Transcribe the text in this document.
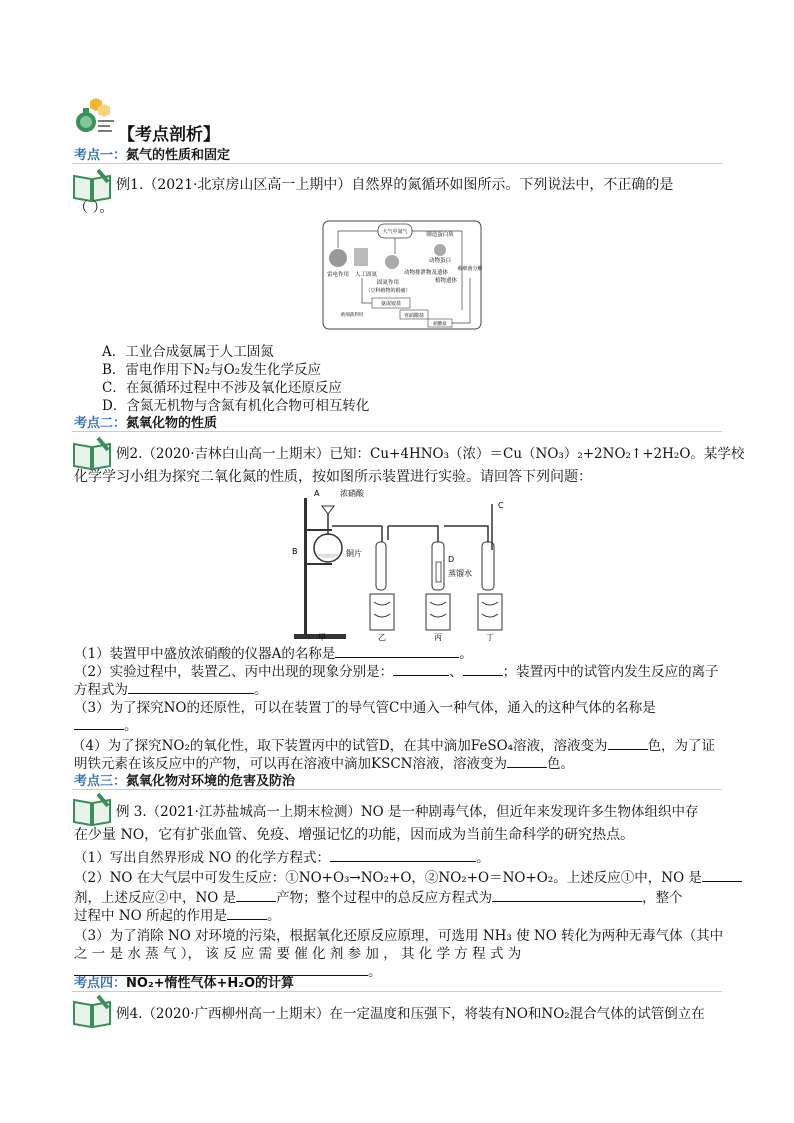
【考点剖析】
考点一：氮气的性质和固定
例1.（2021·北京房山区高一上期中）自然界的氮循环如图所示。下列说法中，不正确的是
（ ）。
大气中氮气
雷电作用 人工固氮
固氮作用
（豆科植物的根瘤）
制造蛋白质
动物蛋白
动物排泄物及遗体
植物遗体
被细菌分解
氨或铵盐
亚硝酸盐
硝酸盐
被细菌利用
A．工业合成氨属于人工固氮
B．雷电作用下N₂与O₂发生化学反应
C．在氮循环过程中不涉及氧化还原反应
D．含氮无机物与含氮有机化合物可相互转化
考点二：氮氧化物的性质
例2.（2020·吉林白山高一上期末）已知：Cu+4HNO₃（浓）＝Cu（NO₃）₂+2NO₂↑+2H₂O。某学校
化学学习小组为探究二氧化氮的性质，按如图所示装置进行实验。请回答下列问题：
A	浓硝酸
B	铜片
C
D
蒸馏水
甲	乙	丙	丁
（1）装置甲中盛放浓硝酸的仪器A的名称是	。
（2）实验过程中，装置乙、丙中出现的现象分别是：	、	；装置丙中的试管内发生反应的离子
方程式为	。
（3）为了探究NO的还原性，可以在装置丁的导气管C中通入一种气体，通入的这种气体的名称是
。
（4）为了探究NO₂的氧化性，取下装置丙中的试管D，在其中滴加FeSO₄溶液，溶液变为	色，为了证
明铁元素在该反应中的产物，可以再在溶液中滴加KSCN溶液，溶液变为	色。
考点三：氮氧化物对环境的危害及防治
例 3.（2021·江苏盐城高一上期末检测）NO 是一种剧毒气体，但近年来发现许多生物体组织中存
在少量 NO，它有扩张血管、免疫、增强记忆的功能，因而成为当前生命科学的研究热点。
（1）写出自然界形成 NO 的化学方程式：	。
（2）NO 在大气层中可发生反应：①NO+O₃→NO₂+O，②NO₂+O＝NO+O₂。上述反应①中，NO 是
剂，上述反应②中，NO 是	产物；整个过程中的总反应方程式为	，整个
过程中 NO 所起的作用是	。
（3）为了消除 NO 对环境的污染，根据氧化还原反应原理，可选用 NH₃ 使 NO 转化为两种无毒气体（其中
之 一 是 水 蒸 气 ）， 该 反 应 需 要 催 化 剂 参 加 ， 其 化 学 方 程 式 为
。
考点四：NO₂+惰性气体+H₂O的计算
例4.（2020·广西柳州高一上期末）在一定温度和压强下，将装有NO和NO₂混合气体的试管倒立在
